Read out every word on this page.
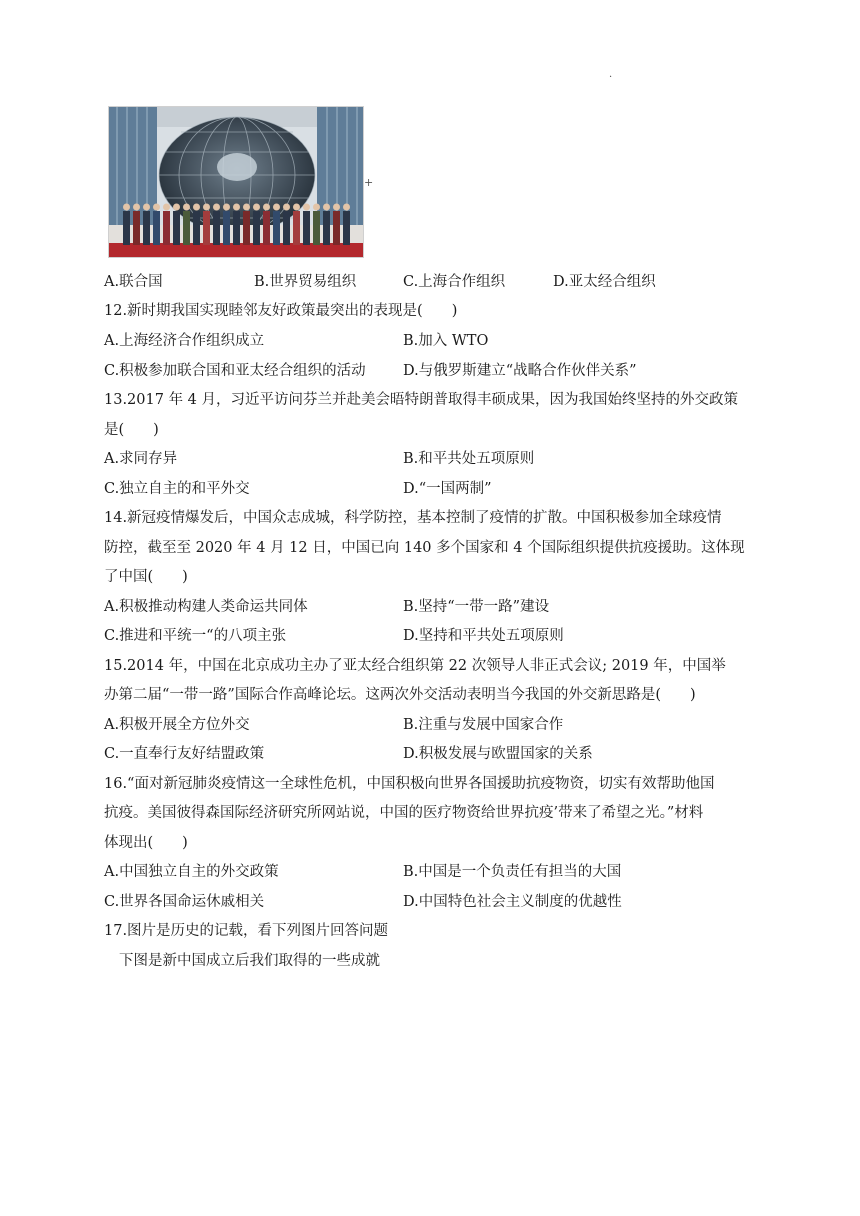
·
+
A.联合国	B.世界贸易组织	C.上海合作组织	D.亚太经合组织
12.新时期我国实现睦邻友好政策最突出的表现是(　　)
A.上海经济合作组织成立	B.加入 WTO
C.积极参加联合国和亚太经合组织的活动	D.与俄罗斯建立“战略合作伙伴关系”
13.2017 年 4 月，习近平访问芬兰并赴美会晤特朗普取得丰硕成果，因为我国始终坚持的外交政策
是(　　)
A.求同存异	B.和平共处五项原则
C.独立自主的和平外交	D.“一国两制”
14.新冠疫情爆发后，中国众志成城，科学防控，基本控制了疫情的扩散。中国积极参加全球疫情
防控，截至至 2020 年 4 月 12 日，中国已向 140 多个国家和 4 个国际组织提供抗疫援助。这体现
了中国(　　)
A.积极推动构建人类命运共同体	B.坚持“一带一路”建设
C.推进和平统一“的八项主张	D.坚持和平共处五项原则
15.2014 年，中国在北京成功主办了亚太经合组织第 22 次领导人非正式会议; 2019 年，中国举
办第二届“一带一路”国际合作高峰论坛。这两次外交活动表明当今我国的外交新思路是(　　)
A.积极开展全方位外交	B.注重与发展中国家合作
C.一直奉行友好结盟政策	D.积极发展与欧盟国家的关系
16.“面对新冠肺炎疫情这一全球性危机，中国积极向世界各国援助抗疫物资，切实有效帮助他国
抗疫。美国彼得森国际经济研究所网站说，中国的医疗物资给世界抗疫’带来了希望之光。”材料
体现出(　　)
A.中国独立自主的外交政策	B.中国是一个负责任有担当的大国
C.世界各国命运休戚相关	D.中国特色社会主义制度的优越性
17.图片是历史的记载，看下列图片回答问题
下图是新中国成立后我们取得的一些成就
